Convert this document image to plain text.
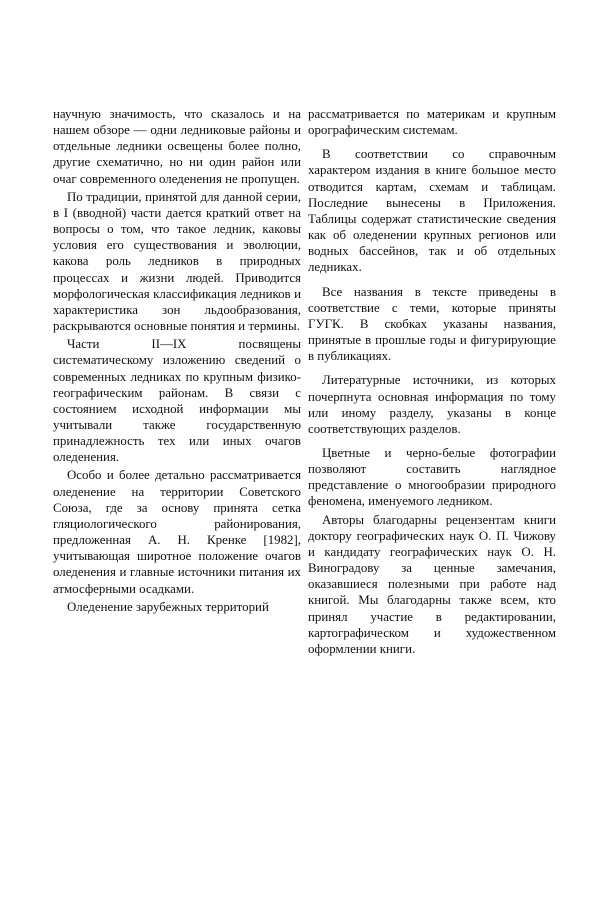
научную значимость, что сказалось и на нашем обзоре — одни ледниковые районы и отдельные ледники освещены более полно, другие схематично, но ни один район или очаг современного оледенения не пропущен.

По традиции, принятой для данной серии, в I (вводной) части дается краткий ответ на вопросы о том, что такое ледник, каковы условия его существования и эволюции, какова роль ледников в природных процессах и жизни людей. Приводится морфологическая классификация ледников и характеристика зон льдообразования, раскрываются основные понятия и термины.

Части II—IX посвящены систематическому изложению сведений о современных ледниках по крупным физико-географическим районам. В связи с состоянием исходной информации мы учитывали также государственную принадлежность тех или иных очагов оледенения.

Особо и более детально рассматривается оледенение на территории Советского Союза, где за основу принята сетка гляциологического районирования, предложенная А. Н. Кренке [1982], учитывающая широтное положение очагов оледенения и главные источники питания их атмосферными осадками.

Оледенение зарубежных территорий

рассматривается по материкам и крупным орографическим системам.

В соответствии со справочным характером издания в книге большое место отводится картам, схемам и таблицам. Последние вынесены в Приложения. Таблицы содержат статистические сведения как об оледенении крупных регионов или водных бассейнов, так и об отдельных ледниках.

Все названия в тексте приведены в соответствие с теми, которые приняты ГУГК. В скобках указаны названия, принятые в прошлые годы и фигурирующие в публикациях.

Литературные источники, из которых почерпнута основная информация по тому или иному разделу, указаны в конце соответствующих разделов.

Цветные и черно-белые фотографии позволяют составить наглядное представление о многообразии природного феномена, именуемого ледником.

Авторы благодарны рецензентам книги доктору географических наук О. П. Чижову и кандидату географических наук О. Н. Виноградову за ценные замечания, оказавшиеся полезными при работе над книгой. Мы благодарны также всем, кто принял участие в редактировании, картографическом и художественном оформлении книги.
